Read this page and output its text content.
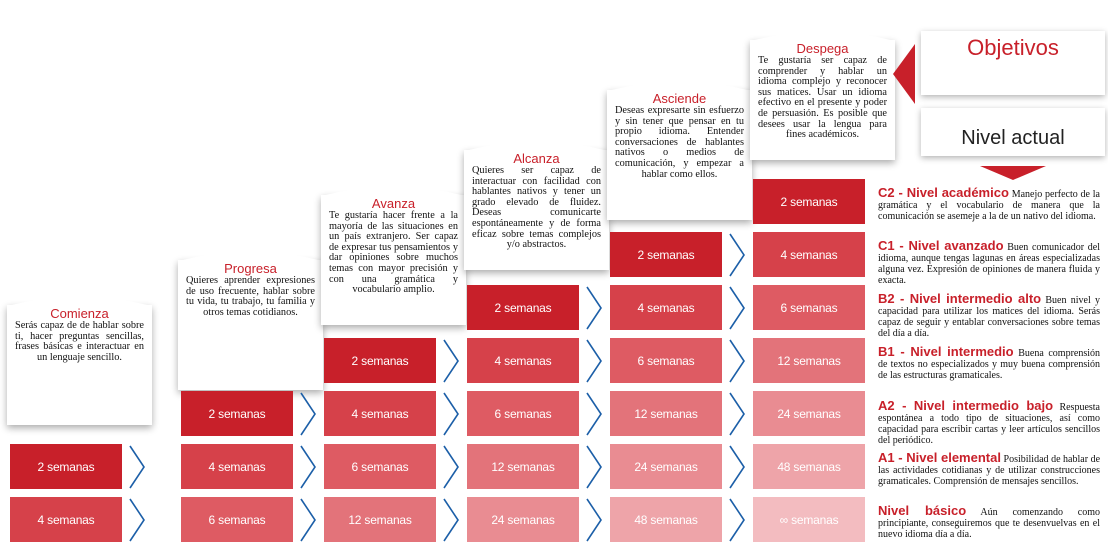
Comienza
Serás capaz de de hablar sobre ti, hacer preguntas sencillas, frases básicas e interactuar en un lenguaje sencillo.
2 semanas
4 semanas
Progresa
Quieres aprender expresiones de uso frecuente, hablar sobre tu vida, tu trabajo, tu familia y otros temas cotidianos.
2 semanas
4 semanas
6 semanas
Avanza
Te gustaría hacer frente a la mayoría de las situaciones en un país extranjero. Ser capaz de expresar tus pensamientos y dar opiniones sobre muchos temas con mayor precisión y con una gramática y vocabulario amplio.
2 semanas
4 semanas
6 semanas
12 semanas
Alcanza
Quieres ser capaz de interactuar con facilidad con hablantes nativos y tener un grado elevado de fluidez. Deseas comunicarte espontáneamente y de forma eficaz sobre temas complejos y/o abstractos.
2 semanas
4 semanas
6 semanas
12 semanas
24 semanas
Asciende
Deseas expresarte sin esfuerzo y sin tener que pensar en tu propio idioma. Entender conversaciones de hablantes nativos o medios de comunicación, y empezar a hablar como ellos.
2 semanas
4 semanas
6 semanas
12 semanas
24 semanas
48 semanas
Despega
Te gustaría ser capaz de comprender y hablar un idioma complejo y reconocer sus matices. Usar un idioma efectivo en el presente y poder de persuasión. Es posible que desees usar la lengua para fines académicos.
2 semanas
4 semanas
6 semanas
12 semanas
24 semanas
48 semanas
∞ semanas
Objetivos
Nivel actual
C2 - Nivel académico Manejo perfecto de la gramática y el vocabulario de manera que la comunicación se asemeje a la de un nativo del idioma.
C1 - Nivel avanzado Buen comunicador del idioma, aunque tengas lagunas en áreas especializadas alguna vez. Expresión de opiniones de manera fluida y exacta.
B2 - Nivel intermedio alto Buen nivel y capacidad para utilizar los matices del idioma. Serás capaz de seguir y entablar conversaciones sobre temas del día a día.
B1 - Nivel intermedio Buena comprensión de textos no especializados y muy buena comprensión de las estructuras gramaticales.
A2 - Nivel intermedio bajo Respuesta espontánea a todo tipo de situaciones, así como capacidad para escribir cartas y leer artículos sencillos del periódico.
A1 - Nivel elemental Posibilidad de hablar de las actividades cotidianas y de utilizar construcciones gramaticales. Comprensión de mensajes sencillos.
Nivel básico Aún comenzando como principiante, conseguiremos que te desenvuelvas en el nuevo idioma día a día.
